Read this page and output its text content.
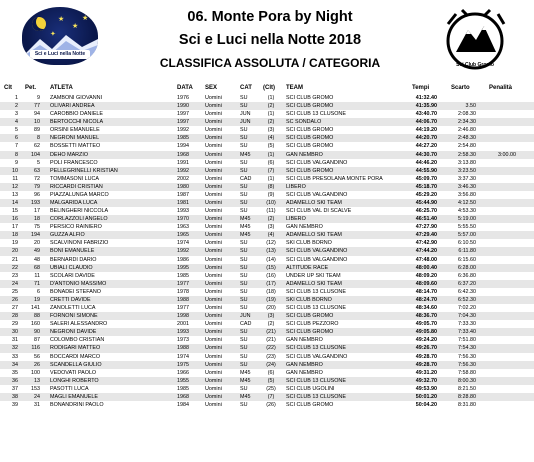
★
★
★
✦
Sci e Luci nella Notte
06. Monte Pora by Night
Sci e Luci nella Notte 2018
CLASSIFICA ASSOLUTA / CATEGORIA	Sci Club Gromo
Clt	Pet.	ATLETA	DATA SEX	CAT (Clt) TEAM	Tempi	Scarto	Penalità
1	9 ZAMBONI GIOVANNI	1976	Uomini	SU	(1)	SCI CLUB GROMO	41:32.40
2	77 OLIVARI ANDREA	1990	Uomini	SU	(2)	SCI CLUB GROMO	41:35.90	3.50
3	94 CAROBBIO DANIELE	1997	Uomini	JUN	(1)	SCI CLUB 13 CLUSONE	43:40.70	2:08.30
4	10 BERTOCCHI NICOLA	1997	Uomini	JUN	(2)	SC SONDALO	44:06.70	2:34.30
5	89 ORSINI EMANUELE	1992	Uomini	SU	(3)	SCI CLUB GROMO	44:19.20	2:46.80
6	8 NEGRONI MANUEL	1985	Uomini	SU	(4)	SCI CLUB GROMO	44:20.70	2:48.30
7	62 BOSSETTI MATTEO	1994	Uomini	SU	(5)	SCI CLUB GROMO	44:27.20	2:54.80
8	104 DEHO MARZIO	1968	Uomini	M45	(1)	GAN NEMBRO	44:30.70	2:58.30	3:00.00
9	5 POLI FRANCESCO	1991	Uomini	SU	(6)	SCI CLUB VALGANDINO	44:46.20	3:13.80
10	63 PELLEGRINELLI KRISTIAN	1992	Uomini	SU	(7)	SCI CLUB GROMO	44:55.90	3:23.50
11	72 TOMMASONI LUCA	2002	Uomini	CAD	(1)	SCI CLUB PRESOLANA MONTE PORA	45:09.70	3:37.30
12	79 RICCARDI CRISTIAN	1980	Uomini	SU	(8)	LIBERO	45:18.70	3:46.30
13	96 PIAZZALUNGA MARCO	1987	Uomini	SU	(9)	SCI CLUB VALGANDINO	45:29.20	3:56.80
14	193 MALGARIDA LUCA	1981	Uomini	SU	(10)	ADAMELLO SKI TEAM	45:44.90	4:12.50
15	17 BELINGHERI NICCOLA	1993	Uomini	SU	(11)	SCI CLUB VAL DI SCALVE	46:25.70	4:53.30
16	18 CORLAZZOLI ANGELO	1970	Uomini	M45	(2)	LIBERO	46:51.40	5:19.00
17	75 PERSICO RAINIERO	1963	Uomini	M45	(3)	GAN NEMBRO	47:27.90	5:55.50
18	194 GUZZA ALFIO	1965	Uomini	M45	(4)	ADAMELLO SKI TEAM	47:29.40	5:57.00
19	20 SCALVINONI FABRIZIO	1974	Uomini	SU	(12)	SKI CLUB BORNO	47:42.90	6:10.50
20	49 BONI EMANUELE	1992	Uomini	SU	(13)	SCI CLUB VALGANDINO	47:44.20	6:11.80
21	48 BERNARDI DARIO	1986	Uomini	SU	(14)	SCI CLUB VALGANDINO	47:48.00	6:15.60
22	68 UBIALI CLAUDIO	1995	Uomini	SU	(15)	ALTITUDE RACE	48:00.40	6:28.00
23	11 SCOLARI DAVIDE	1985	Uomini	SU	(16)	UNDER UP SKI TEAM	48:09.20	6:36.80
24	71 D'ANTONIO MASSIMO	1977	Uomini	SU	(17)	ADAMELLO SKI TEAM	48:09.60	6:37.20
25	6 BONADEI STEFANO	1978	Uomini	SU	(18)	SCI CLUB 13 CLUSONE	48:14.70	6:42.30
26	19 CRETTI DAVIDE	1988	Uomini	SU	(19)	SKI CLUB BORNO	48:24.70	6:52.30
27	141 ZANOLETTI LUCA	1977	Uomini	SU	(20)	SCI CLUB 13 CLUSONE	48:34.60	7:02.20
28	88 FORNONI SIMONE	1998	Uomini	JUN	(3)	SCI CLUB GROMO	48:36.70	7:04.30
29	160 SALERI ALESSANDRO	2001	Uomini	CAD	(2)	SCI CLUB PEZZORO	49:05.70	7:33.30
30	90 NEGRONI DAVIDE	1993	Uomini	SU	(21)	SCI CLUB GROMO	49:05.80	7:33.40
31	87 COLOMBO CRISTIAN	1973	Uomini	SU	(21)	GAN NEMBRO	49:24.20	7:51.80
32	116 RODIGARI MATTEO	1988	Uomini	SU	(22)	SCI CLUB 13 CLUSONE	49:26.70	7:54.30
33	56 BOCCARDI MARCO	1974	Uomini	SU	(23)	SCI CLUB VALGANDINO	49:28.70	7:56.30
34	26 SCANDELLA GIULIO	1975	Uomini	SU	(24)	GAN NEMBRO	49:28.70	7:56.30
35	100 VEDOVATI PAOLO	1966	Uomini	M45	(6)	GAN NEMBRO	49:31.20	7:58.80
36	13 LONGHI ROBERTO	1955	Uomini	M45	(5)	SCI CLUB 13 CLUSONE	49:32.70	8:00.30
37	153 PASOTTI LUCA	1985	Uomini	SU	(25)	SCI CLUB UGOLINI	49:53.90	8:21.50
38	24 MAGLI EMANUELE	1968	Uomini	M45	(7)	SCI CLUB 13 CLUSONE	50:01.20	8:28.80
39	31 BONANDRINI PAOLO	1984	Uomini	SU	(26)	SCI CLUB GROMO	50:04.20	8:31.80
